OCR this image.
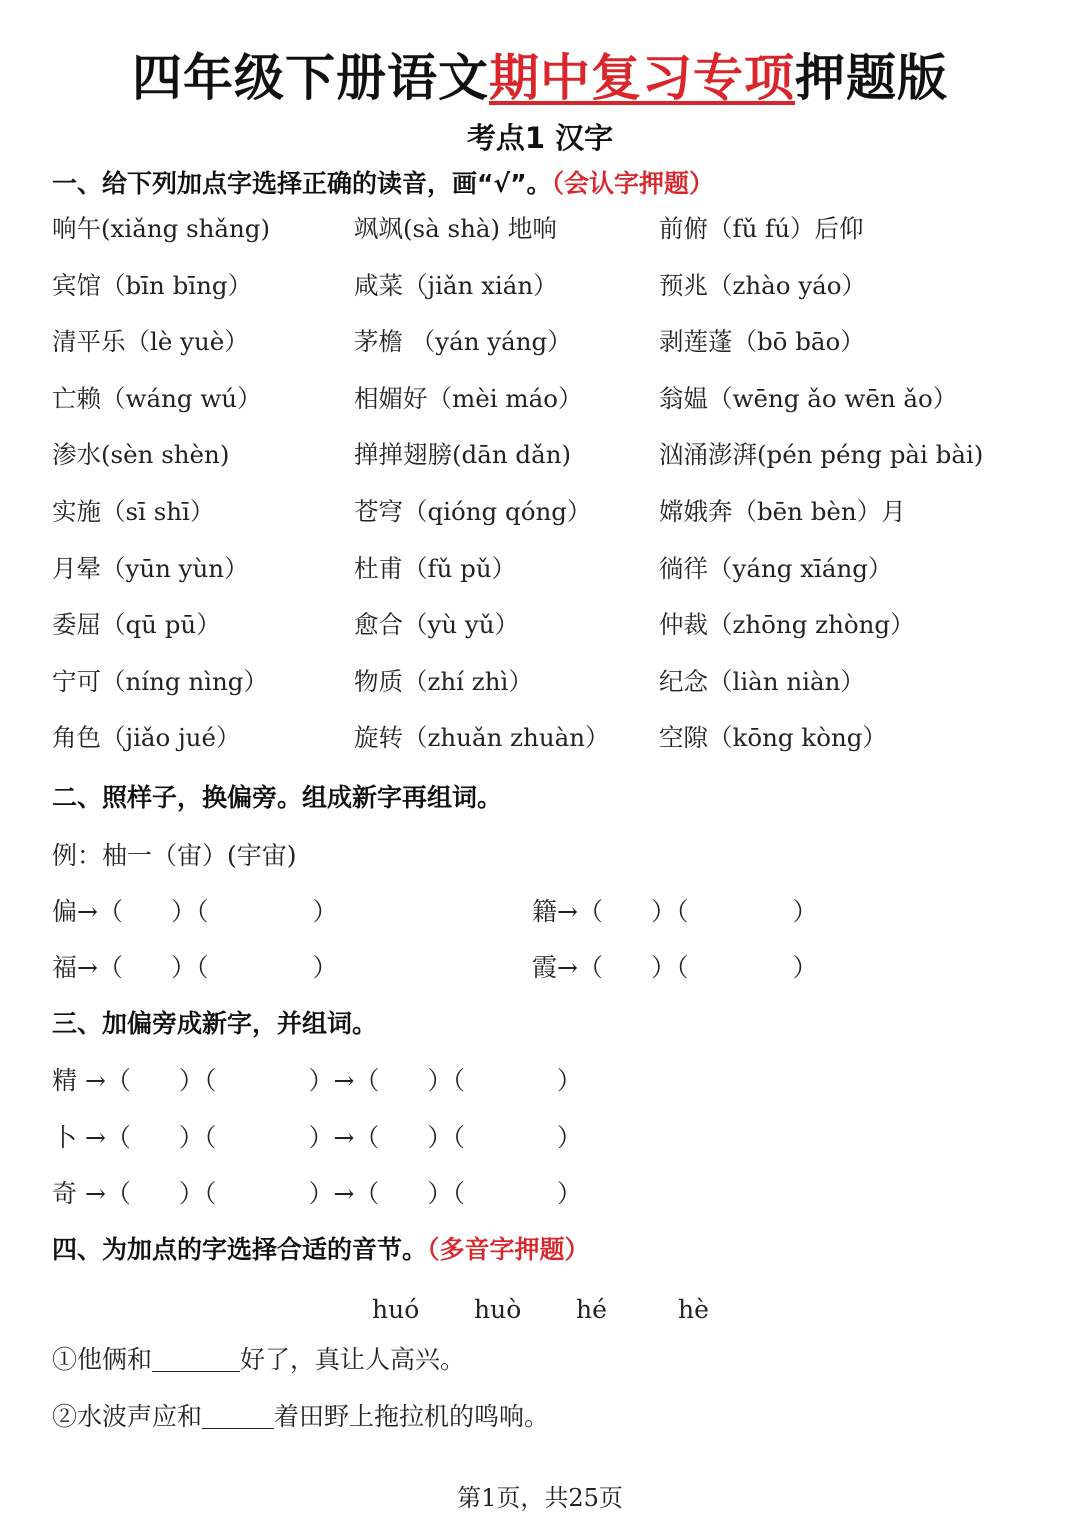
四年级下册语文期中复习专项押题版
考点1 汉字
一、给下列加点字选择正确的读音，画“√”。（会认字押题）
响午(xiǎng shǎng)	飒飒(sà shà) 地响	前俯（fǔ fú）后仰
宾馆（bīn bīng）	咸菜（jiǎn xián）	预兆（zhào yáo）
清平乐（lè yuè）	茅檐 （yán yáng）	剥莲蓬（bō bāo）
亡赖（wáng wú）	相媚好（mèi máo）	翁媪（wēng ǎo wēn ǎo）
渗水(sèn shèn)	掸掸翅膀(dān dǎn)	汹涌澎湃(pén péng pài bài)
实施（sī shī）	苍穹（qióng qóng）	嫦娥奔（bēn bèn）月
月晕（yūn yùn）	杜甫（fǔ pǔ）	徜徉（yáng xīáng）
委屈（qū pū）	愈合（yù yǔ）	仲裁（zhōng zhòng）
宁可（níng nìng）	物质（zhí zhì）	纪念（liàn niàn）
角色（jiǎo jué）	旋转（zhuǎn zhuàn） 空隙（kōng kòng）
二、照样子，换偏旁。组成新字再组词。
例：柚一（宙）(宇宙)
偏→（ ）（	）	籍→（ ）（	）
福→（ ）（	）	霞→（ ）（	）
三、加偏旁成新字，并组词。
精 →（ ）（	）→（ ）（	）
卜 →（ ）（	）→（ ）（	）
奇 →（ ）（	）→（ ）（	）
四、为加点的字选择合适的音节。（多音字押题）
huó huò hé	hè
①他俩和	好了，真让人高兴。
②水波声应和	着田野上拖拉机的鸣响。
第1页，共25页
